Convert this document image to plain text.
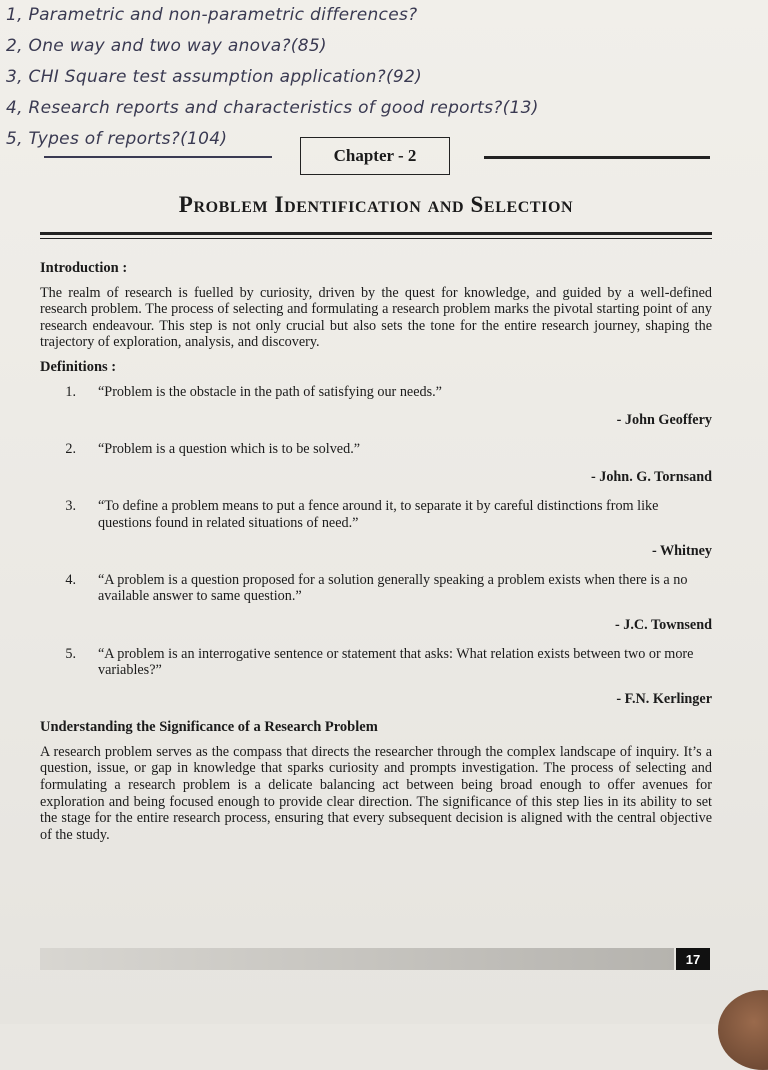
1, Parametric and non-parametric differences?
2, One way and two way anova?(85)
3, CHI Square test assumption application?(92)
4, Research reports and characteristics of good reports?(13)
5, Types of reports?(104)
Chapter - 2
Problem Identification and Selection
Introduction :

The realm of research is fuelled by curiosity, driven by the quest for knowledge, and guided by a well-defined research problem. The process of selecting and formulating a research problem marks the pivotal starting point of any research endeavour. This step is not only crucial but also sets the tone for the entire research journey, shaping the trajectory of exploration, analysis, and discovery.

Definitions :
1.	“Problem is the obstacle in the path of satisfying our needs.”
- John Geoffery
2.	“Problem is a question which is to be solved.”
- John. G. Tornsand
3.	“To define a problem means to put a fence around it, to separate it by careful distinctions from like questions found in related situations of need.”
- Whitney
4.	“A problem is a question proposed for a solution generally speaking a problem exists when there is a no available answer to same question.”
- J.C. Townsend
5.	“A problem is an interrogative sentence or statement that asks: What relation exists between two or more variables?”
- F.N. Kerlinger
Understanding the Significance of a Research Problem

A research problem serves as the compass that directs the researcher through the complex landscape of inquiry. It’s a question, issue, or gap in knowledge that sparks curiosity and prompts investigation. The process of selecting and formulating a research problem is a delicate balancing act between being broad enough to offer avenues for exploration and being focused enough to provide clear direction. The significance of this step lies in its ability to set the stage for the entire research process, ensuring that every subsequent decision is aligned with the central objective of the study.

17
